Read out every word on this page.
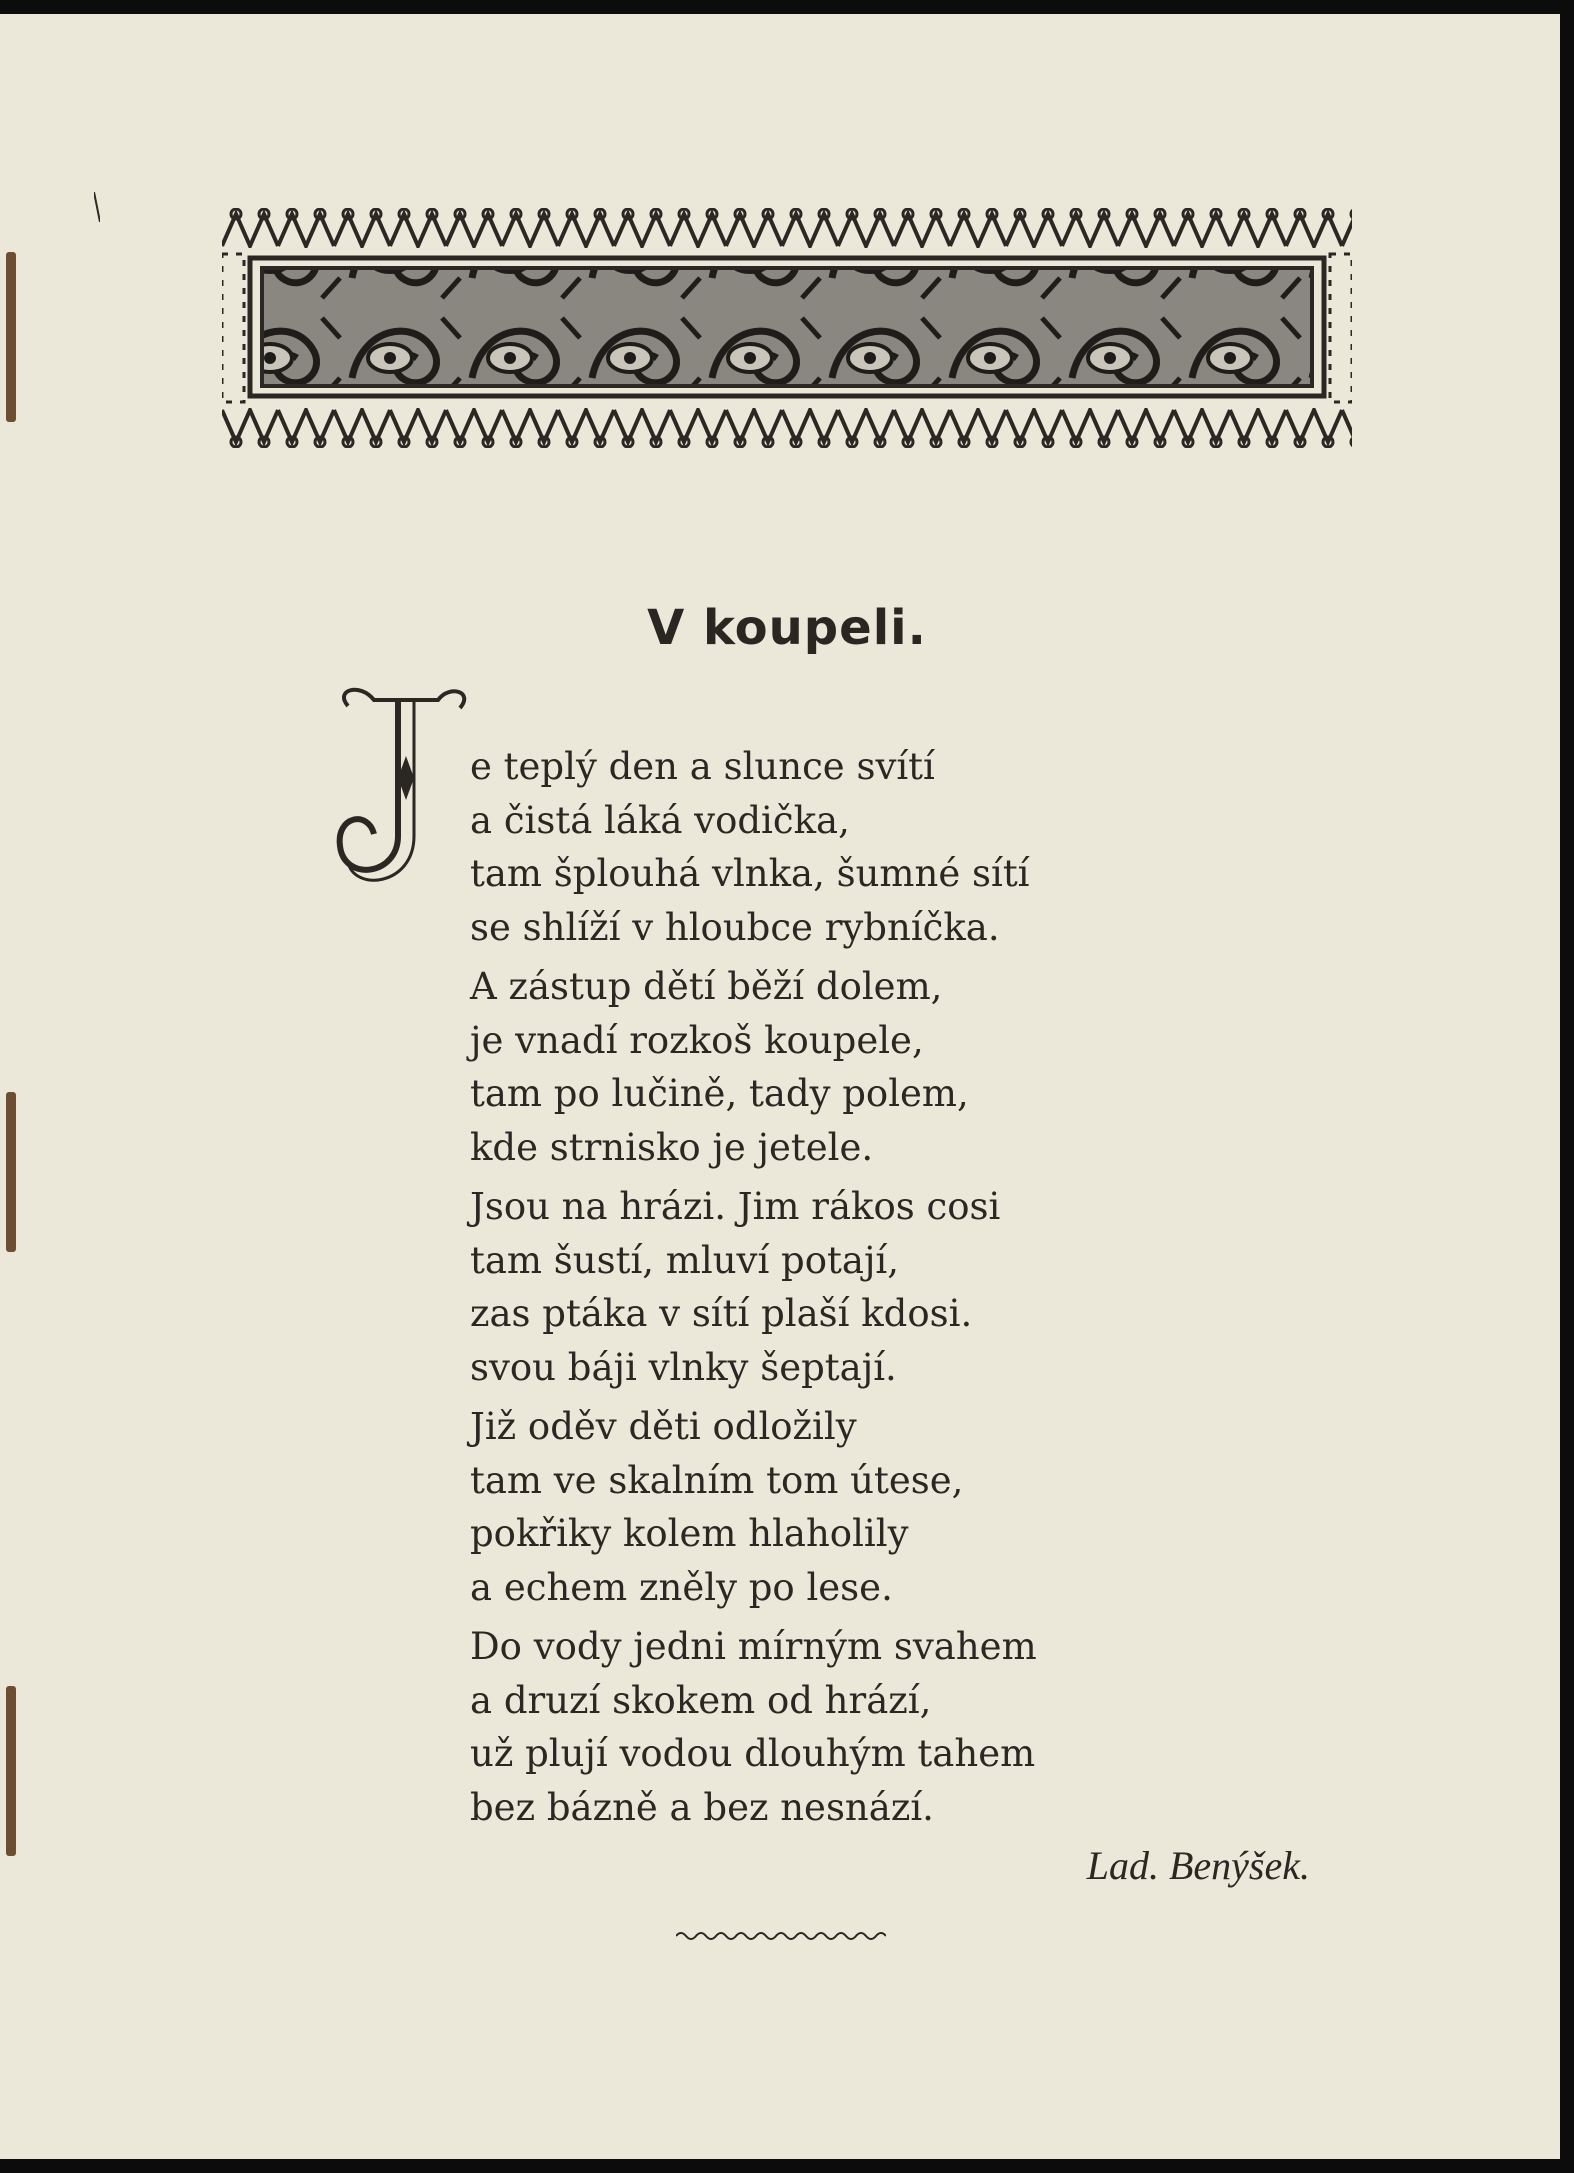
V koupeli.
J
e teplý den a slunce svítí
a čistá láká vodička,
tam šplouhá vlnka, šumné sítí
se shlíží v hloubce rybníčka.
A zástup dětí běží dolem,
je vnadí rozkoš koupele,
tam po lučině, tady polem,
kde strnisko je jetele.
Jsou na hrázi. Jim rákos cosi
tam šustí, mluví potají,
zas ptáka v sítí plaší kdosi.
svou báji vlnky šeptají.
Již oděv děti odložily
tam ve skalním tom útese,
pokřiky kolem hlaholily
a echem zněly po lese.
Do vody jedni mírným svahem
a druzí skokem od hrází,
už plují vodou dlouhým tahem
bez bázně a bez nesnází.
Lad. Benýšek.
